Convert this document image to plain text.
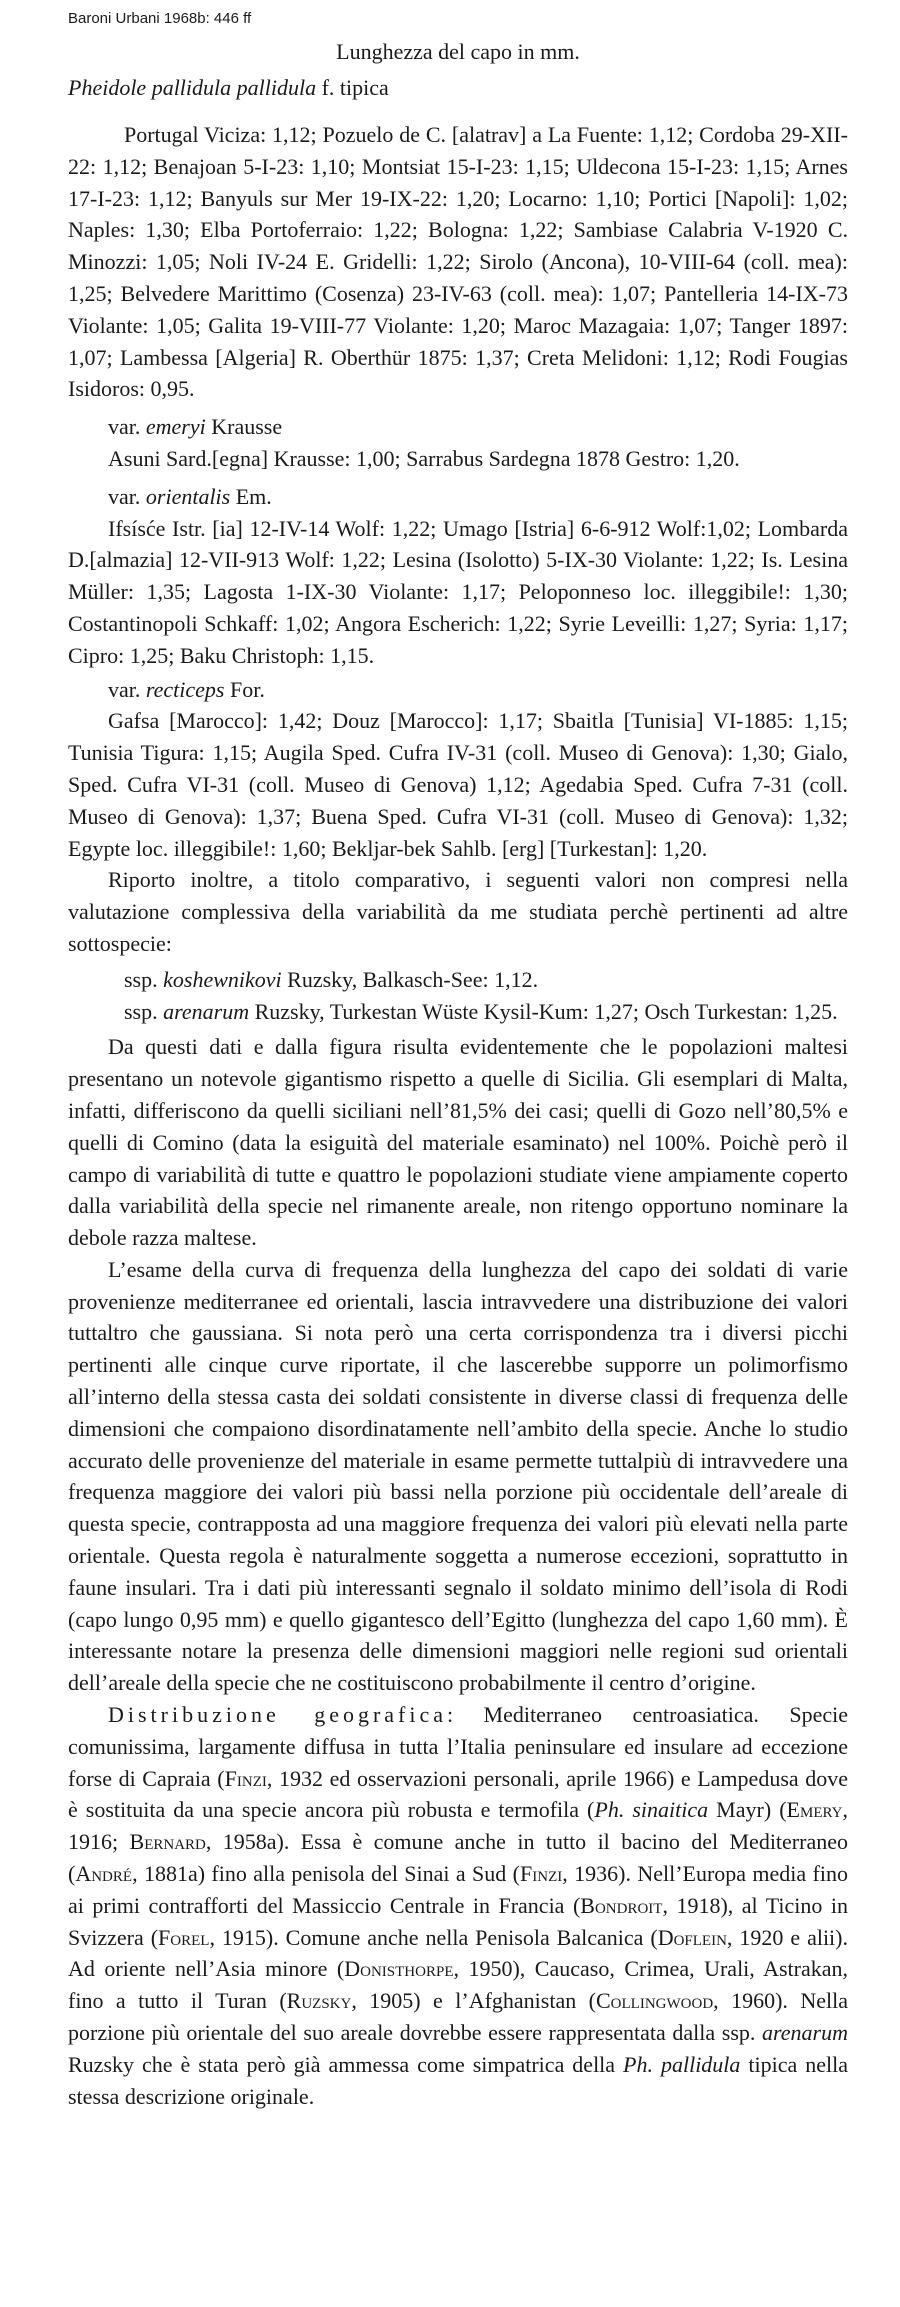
Baroni Urbani 1968b: 446 ff
Lunghezza del capo in mm.
Pheidole pallidula pallidula f. tipica

Portugal Viciza: 1,12; Pozuelo de C. [alatrav] a La Fuente: 1,12; Cordoba 29-XII-22: 1,12; Benajoan 5-I-23: 1,10; Montsiat 15-I-23: 1,15; Uldecona 15-I-23: 1,15; Arnes 17-I-23: 1,12; Banyuls sur Mer 19-IX-22: 1,20; Locarno: 1,10; Portici [Napoli]: 1,02; Naples: 1,30; Elba Portoferraio: 1,22; Bologna: 1,22; Sambiase Calabria V-1920 C. Minozzi: 1,05; Noli IV-24 E. Gridelli: 1,22; Sirolo (Ancona), 10-VIII-64 (coll. mea): 1,25; Belvedere Marittimo (Cosenza) 23-IV-63 (coll. mea): 1,07; Pantelleria 14-IX-73 Violante: 1,05; Galita 19-VIII-77 Violante: 1,20; Maroc Mazagaia: 1,07; Tanger 1897: 1,07; Lambessa [Algeria] R. Oberthür 1875: 1,37; Creta Melidoni: 1,12; Rodi Fougias Isidoros: 0,95.

var. emeryi Krausse

Asuni Sard.[egna] Krausse: 1,00; Sarrabus Sardegna 1878 Gestro: 1,20.

var. orientalis Em.

Ifsísće Istr. [ia] 12-IV-14 Wolf: 1,22; Umago [Istria] 6-6-912 Wolf:1,02; Lombarda D.[almazia] 12-VII-913 Wolf: 1,22; Lesina (Isolotto) 5-IX-30 Violante: 1,22; Is. Lesina Müller: 1,35; Lagosta 1-IX-30 Violante: 1,17; Peloponneso loc. illeggibile!: 1,30; Costantinopoli Schkaff: 1,02; Angora Escherich: 1,22; Syrie Leveilli: 1,27; Syria: 1,17; Cipro: 1,25; Baku Christoph: 1,15.

var. recticeps For.

Gafsa [Marocco]: 1,42; Douz [Marocco]: 1,17; Sbaitla [Tunisia] VI-1885: 1,15; Tunisia Tigura: 1,15; Augila Sped. Cufra IV-31 (coll. Museo di Genova): 1,30; Gialo, Sped. Cufra VI-31 (coll. Museo di Genova) 1,12; Agedabia Sped. Cufra 7-31 (coll. Museo di Genova): 1,37; Buena Sped. Cufra VI-31 (coll. Museo di Genova): 1,32; Egypte loc. illeggibile!: 1,60; Bekljar-bek Sahlb. [erg] [Turkestan]: 1,20.

Riporto inoltre, a titolo comparativo, i seguenti valori non compresi nella valutazione complessiva della variabilità da me studiata perchè pertinenti ad altre sottospecie:

ssp. koshewnikovi Ruzsky, Balkasch-See: 1,12.

ssp. arenarum Ruzsky, Turkestan Wüste Kysil-Kum: 1,27; Osch Turkestan: 1,25.

Da questi dati e dalla figura risulta evidentemente che le popolazioni maltesi presentano un notevole gigantismo rispetto a quelle di Sicilia. Gli esemplari di Malta, infatti, differiscono da quelli siciliani nell’81,5% dei casi; quelli di Gozo nell’80,5% e quelli di Comino (data la esiguità del materiale esaminato) nel 100%. Poichè però il campo di variabilità di tutte e quattro le popolazioni studiate viene ampiamente coperto dalla variabilità della specie nel rimanente areale, non ritengo opportuno nominare la debole razza maltese.

L’esame della curva di frequenza della lunghezza del capo dei soldati di varie provenienze mediterranee ed orientali, lascia intravvedere una distribuzione dei valori tuttaltro che gaussiana. Si nota però una certa corrispondenza tra i diversi picchi pertinenti alle cinque curve riportate, il che lascerebbe supporre un polimorfismo all’interno della stessa casta dei soldati consistente in diverse classi di frequenza delle dimensioni che compaiono disordinatamente nell’ambito della specie. Anche lo studio accurato delle provenienze del materiale in esame permette tuttalpiù di intravvedere una frequenza maggiore dei valori più bassi nella porzione più occidentale dell’areale di questa specie, contrapposta ad una maggiore frequenza dei valori più elevati nella parte orientale. Questa regola è naturalmente soggetta a numerose eccezioni, soprattutto in faune insulari. Tra i dati più interessanti segnalo il soldato minimo dell’isola di Rodi (capo lungo 0,95 mm) e quello gigantesco dell’Egitto (lunghezza del capo 1,60 mm). È interessante notare la presenza delle dimensioni maggiori nelle regioni sud orientali dell’areale della specie che ne costituiscono probabilmente il centro d’origine.

Distribuzione geografica: Mediterraneo centroasiatica. Specie comunissima, largamente diffusa in tutta l’Italia peninsulare ed insulare ad eccezione forse di Capraia (Finzi, 1932 ed osservazioni personali, aprile 1966) e Lampedusa dove è sostituita da una specie ancora più robusta e termofila (Ph. sinaitica Mayr) (Emery, 1916; Bernard, 1958a). Essa è comune anche in tutto il bacino del Mediterraneo (André, 1881a) fino alla penisola del Sinai a Sud (Finzi, 1936). Nell’Europa media fino ai primi contrafforti del Massiccio Centrale in Francia (Bondroit, 1918), al Ticino in Svizzera (Forel, 1915). Comune anche nella Penisola Balcanica (Doflein, 1920 e alii). Ad oriente nell’Asia minore (Donisthorpe, 1950), Caucaso, Crimea, Urali, Astrakan, fino a tutto il Turan (Ruzsky, 1905) e l’Afghanistan (Collingwood, 1960). Nella porzione più orientale del suo areale dovrebbe essere rappresentata dalla ssp. arenarum Ruzsky che è stata però già ammessa come simpatrica della Ph. pallidula tipica nella stessa descrizione originale.
